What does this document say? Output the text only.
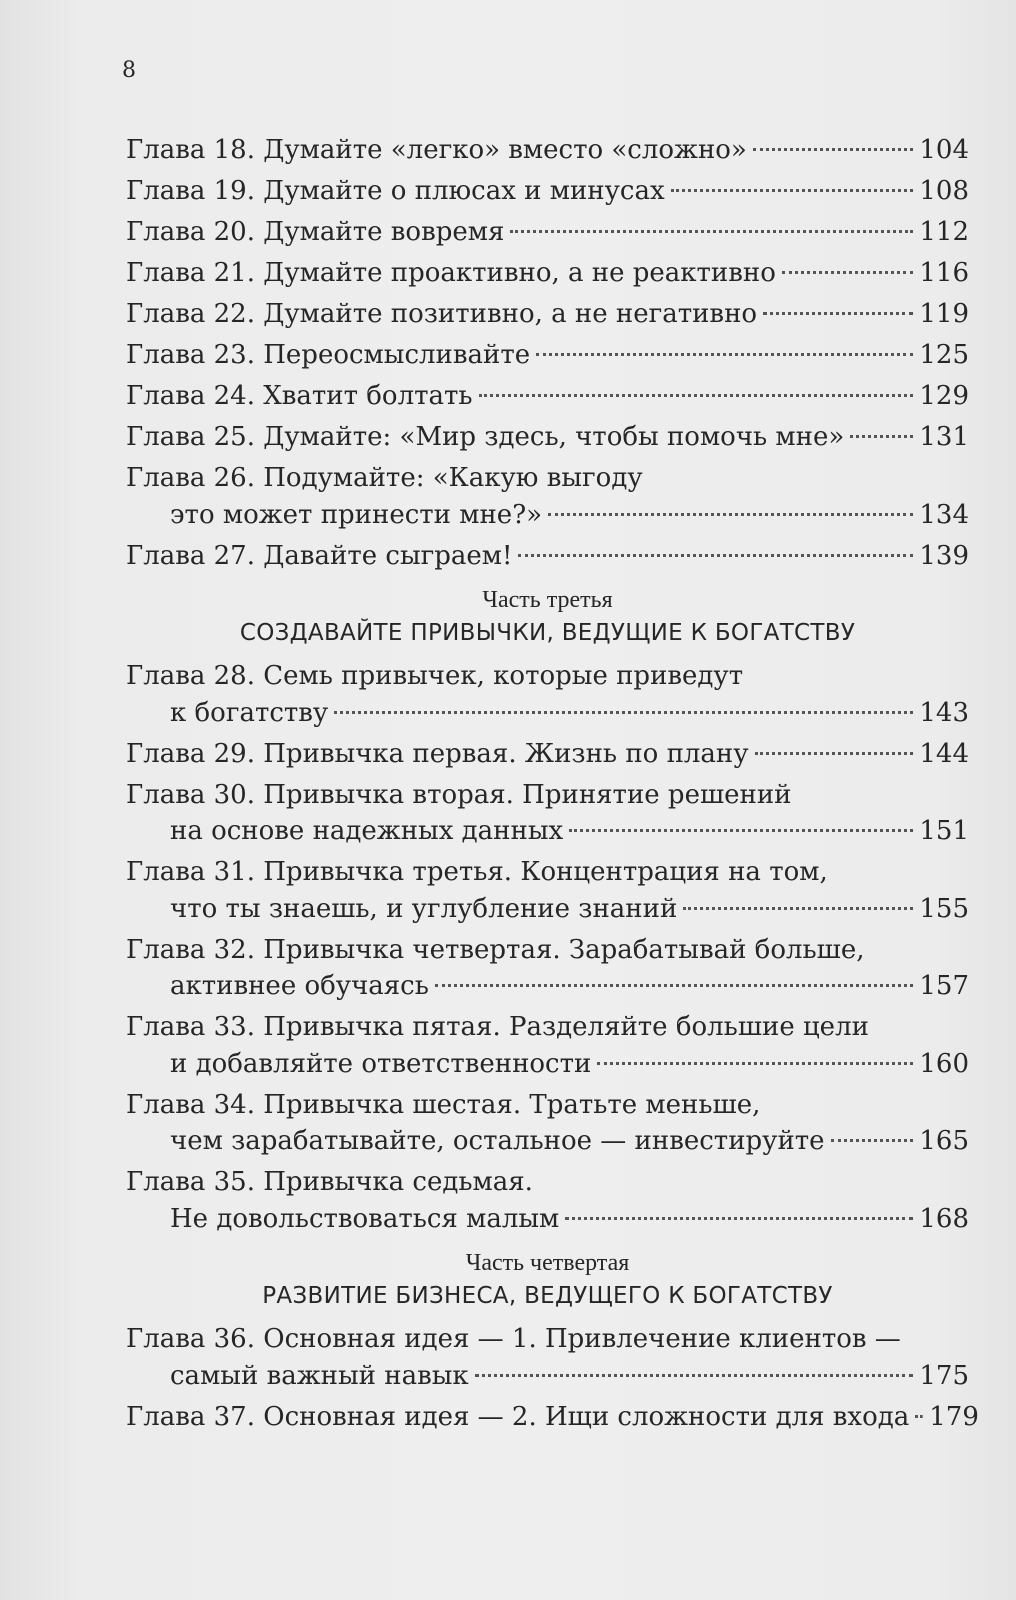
8
Глава 18. Думайте «легко» вместо «сложно»	104
Глава 19. Думайте о плюсах и минусах	108
Глава 20. Думайте вовремя	112
Глава 21. Думайте проактивно, а не реактивно	116
Глава 22. Думайте позитивно, а не негативно	119
Глава 23. Переосмысливайте	125
Глава 24. Хватит болтать	129
Глава 25. Думайте: «Мир здесь, чтобы помочь мне»	131
Глава 26. Подумайте: «Какую выгоду
это может принести мне?»	134
Глава 27. Давайте сыграем!	139
Часть третья
СОЗДАВАЙТЕ ПРИВЫЧКИ, ВЕДУЩИЕ К БОГАТСТВУ
Глава 28. Семь привычек, которые приведут
к богатству	143
Глава 29. Привычка первая. Жизнь по плану	144
Глава 30. Привычка вторая. Принятие решений
на основе надежных данных	151
Глава 31. Привычка третья. Концентрация на том,
что ты знаешь, и углубление знаний	155
Глава 32. Привычка четвертая. Зарабатывай больше,
активнее обучаясь	157
Глава 33. Привычка пятая. Разделяйте большие цели
и добавляйте ответственности	160
Глава 34. Привычка шестая. Тратьте меньше,
чем зарабатывайте, остальное — инвестируйте	165
Глава 35. Привычка седьмая.
Не довольствоваться малым	168
Часть четвертая
РАЗВИТИЕ БИЗНЕСА, ВЕДУЩЕГО К БОГАТСТВУ
Глава 36. Основная идея — 1. Привлечение клиентов —
самый важный навык	175
Глава 37. Основная идея — 2. Ищи сложности для входа 179
